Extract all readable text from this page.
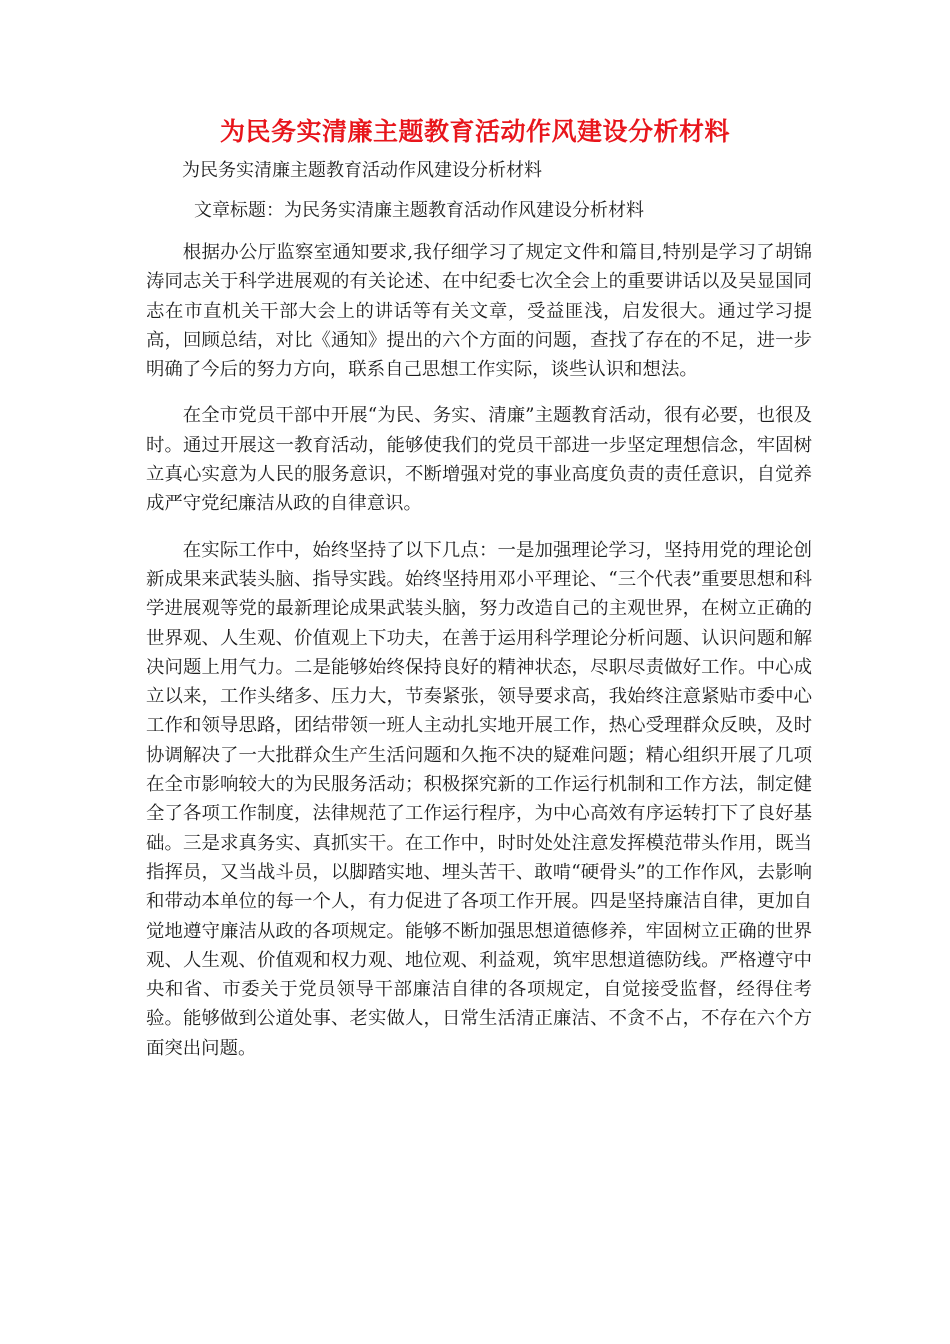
为民务实清廉主题教育活动作风建设分析材料

为民务实清廉主题教育活动作风建设分析材料

文章标题：为民务实清廉主题教育活动作风建设分析材料

根据办公厅监察室通知要求,我仔细学习了规定文件和篇目,特别是学习了胡锦涛同志关于科学进展观的有关论述、在中纪委七次全会上的重要讲话以及吴显国同志在市直机关干部大会上的讲话等有关文章，受益匪浅，启发很大。通过学习提高，回顾总结，对比《通知》提出的六个方面的问题，查找了存在的不足，进一步明确了今后的努力方向，联系自己思想工作实际，谈些认识和想法。

在全市党员干部中开展“为民、务实、清廉”主题教育活动，很有必要，也很及时。通过开展这一教育活动，能够使我们的党员干部进一步坚定理想信念，牢固树立真心实意为人民的服务意识，不断增强对党的事业高度负责的责任意识，自觉养成严守党纪廉洁从政的自律意识。

在实际工作中，始终坚持了以下几点：一是加强理论学习，坚持用党的理论创新成果来武装头脑、指导实践。始终坚持用邓小平理论、“三个代表”重要思想和科学进展观等党的最新理论成果武装头脑，努力改造自己的主观世界，在树立正确的世界观、人生观、价值观上下功夫，在善于运用科学理论分析问题、认识问题和解决问题上用气力。二是能够始终保持良好的精神状态，尽职尽责做好工作。中心成立以来，工作头绪多、压力大，节奏紧张，领导要求高，我始终注意紧贴市委中心工作和领导思路，团结带领一班人主动扎实地开展工作，热心受理群众反映，及时协调解决了一大批群众生产生活问题和久拖不决的疑难问题；精心组织开展了几项在全市影响较大的为民服务活动；积极探究新的工作运行机制和工作方法，制定健全了各项工作制度，法律规范了工作运行程序，为中心高效有序运转打下了良好基础。三是求真务实、真抓实干。在工作中，时时处处注意发挥模范带头作用，既当指挥员，又当战斗员，以脚踏实地、埋头苦干、敢啃“硬骨头”的工作作风，去影响和带动本单位的每一个人，有力促进了各项工作开展。四是坚持廉洁自律，更加自觉地遵守廉洁从政的各项规定。能够不断加强思想道德修养，牢固树立正确的世界观、人生观、价值观和权力观、地位观、利益观，筑牢思想道德防线。严格遵守中央和省、市委关于党员领导干部廉洁自律的各项规定，自觉接受监督，经得住考验。能够做到公道处事、老实做人，日常生活清正廉洁、不贪不占，不存在六个方面突出问题。
